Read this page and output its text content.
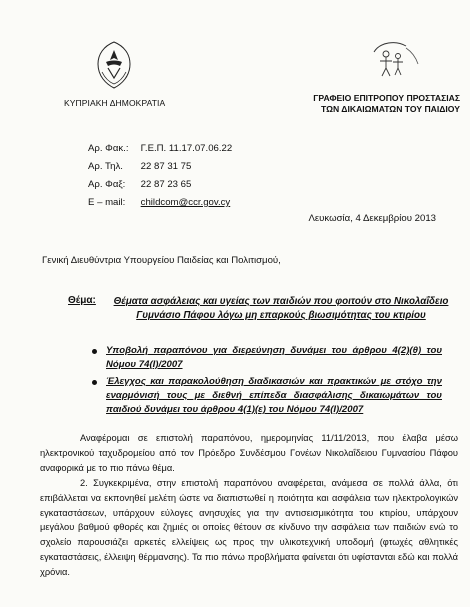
ΚΥΠΡΙΑΚΗ ΔΗΜΟΚΡΑΤΙΑ	ΓΡΑΦΕΙΟ ΕΠΙΤΡΟΠΟΥ ΠΡΟΣΤΑΣΙΑΣ
ΤΩΝ ΔΙΚΑΙΩΜΑΤΩΝ ΤΟΥ ΠΑΙΔΙΟΥ
Αρ. Φακ.: Γ.Ε.Π. 11.17.07.06.22
Αρ. Τηλ. 22 87 31 75
Αρ. Φαξ: 22 87 23 65
E – mail: childcom@ccr.gov.cy
Λευκωσία, 4 Δεκεμβρίου 2013
Γενική Διευθύντρια Υπουργείου Παιδείας και Πολιτισμού,
Θέμα:	Θέματα ασφάλειας και υγείας των παιδιών που φοιτούν στο Νικολαΐδειο Γυμνάσιο Πάφου λόγω μη επαρκούς βιωσιμότητας του κτιρίου
Υποβολή παραπόνου για διερεύνηση δυνάμει του άρθρου 4(2)(θ) του Νόμου 74(I)/2007
Έλεγχος και παρακολούθηση διαδικασιών και πρακτικών με στόχο την εναρμόνισή τους με διεθνή επίπεδα διασφάλισης δικαιωμάτων του παιδιού δυνάμει του άρθρου 4(1)(ε) του Νόμου 74(I)/2007

Αναφέρομαι σε επιστολή παραπόνου, ημερομηνίας 11/11/2013, που έλαβα μέσω ηλεκτρονικού ταχυδρομείου από τον Πρόεδρο Συνδέσμου Γονέων Νικολαΐδειου Γυμνασίου Πάφου αναφορικά με το πιο πάνω θέμα.

2. Συγκεκριμένα, στην επιστολή παραπόνου αναφέρεται, ανάμεσα σε πολλά άλλα, ότι επιβάλλεται να εκπονηθεί μελέτη ώστε να διαπιστωθεί η ποιότητα και ασφάλεια των ηλεκτρολογικών εγκαταστάσεων, υπάρχουν εύλογες ανησυχίες για την αντισεισμικότητα του κτιρίου, υπάρχουν μεγάλου βαθμού φθορές και ζημιές οι οποίες θέτουν σε κίνδυνο την ασφάλεια των παιδιών ενώ το σχολείο παρουσιάζει αρκετές ελλείψεις ως προς την υλικοτεχνική υποδομή (φτωχές αθλητικές εγκαταστάσεις, έλλειψη θέρμανσης). Τα πιο πάνω προβλήματα φαίνεται ότι υφίστανται εδώ και πολλά χρόνια.
